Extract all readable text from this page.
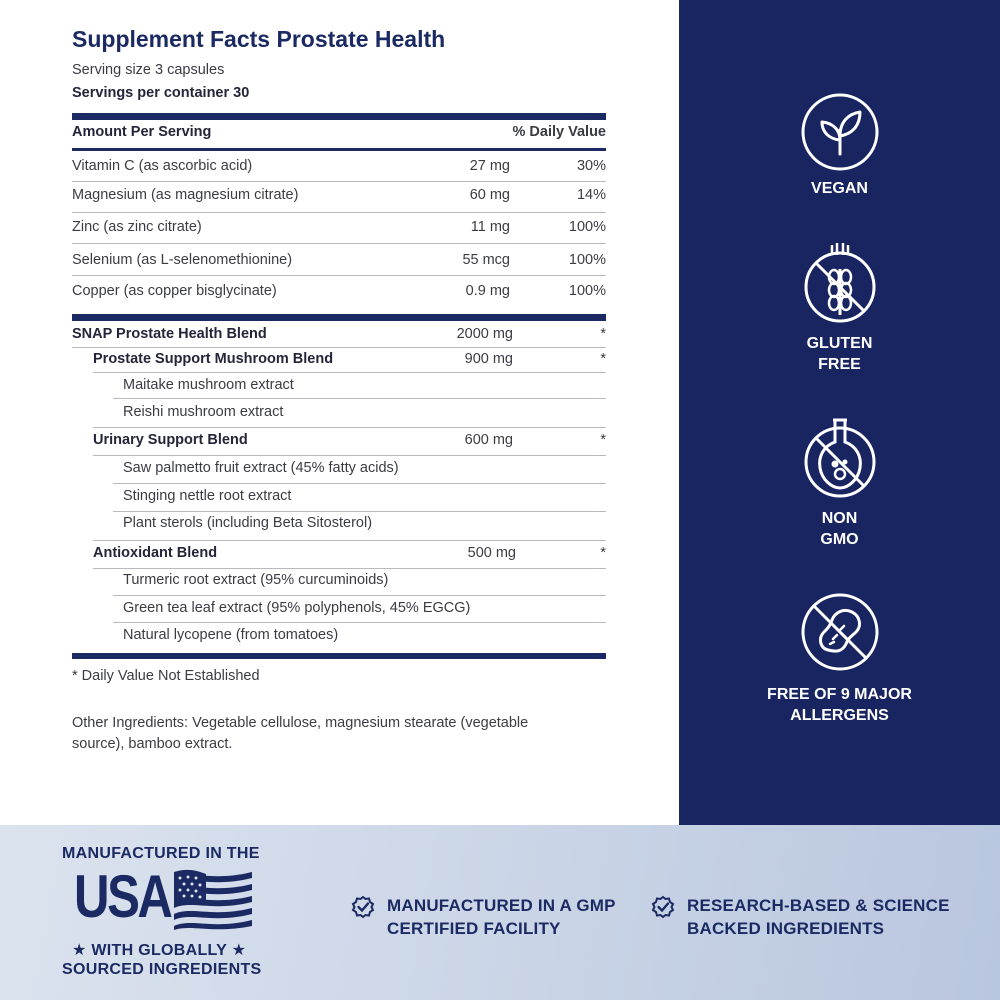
Supplement Facts Prostate Health
Serving size 3 capsules
Servings per container 30
Amount Per Serving	% Daily Value
Vitamin C (as ascorbic acid)	27 mg	30%
Magnesium (as magnesium citrate)	60 mg	14%
Zinc (as zinc citrate)	11 mg	100%
Selenium (as L-selenomethionine)	55 mcg	100%
Copper (as copper bisglycinate)	0.9 mg	100%
SNAP Prostate Health Blend	2000 mg	*
Prostate Support Mushroom Blend	900 mg	*
Maitake mushroom extract
Reishi mushroom extract
Urinary Support Blend	600 mg	*
Saw palmetto fruit extract (45% fatty acids)
Stinging nettle root extract
Plant sterols (including Beta Sitosterol)
Antioxidant Blend	500 mg	*
Turmeric root extract (95% curcuminoids)
Green tea leaf extract (95% polyphenols, 45% EGCG)
Natural lycopene (from tomatoes)
* Daily Value Not Established
Other Ingredients: Vegetable cellulose, magnesium stearate (vegetable source), bamboo extract.
VEGAN
GLUTEN
FREE
NON
GMO
FREE OF 9 MAJOR
ALLERGENS
MANUFACTURED IN THE
USA
★ WITH GLOBALLY ★
SOURCED INGREDIENTS
MANUFACTURED IN A GMP
CERTIFIED FACILITY
RESEARCH-BASED & SCIENCE
BACKED INGREDIENTS
